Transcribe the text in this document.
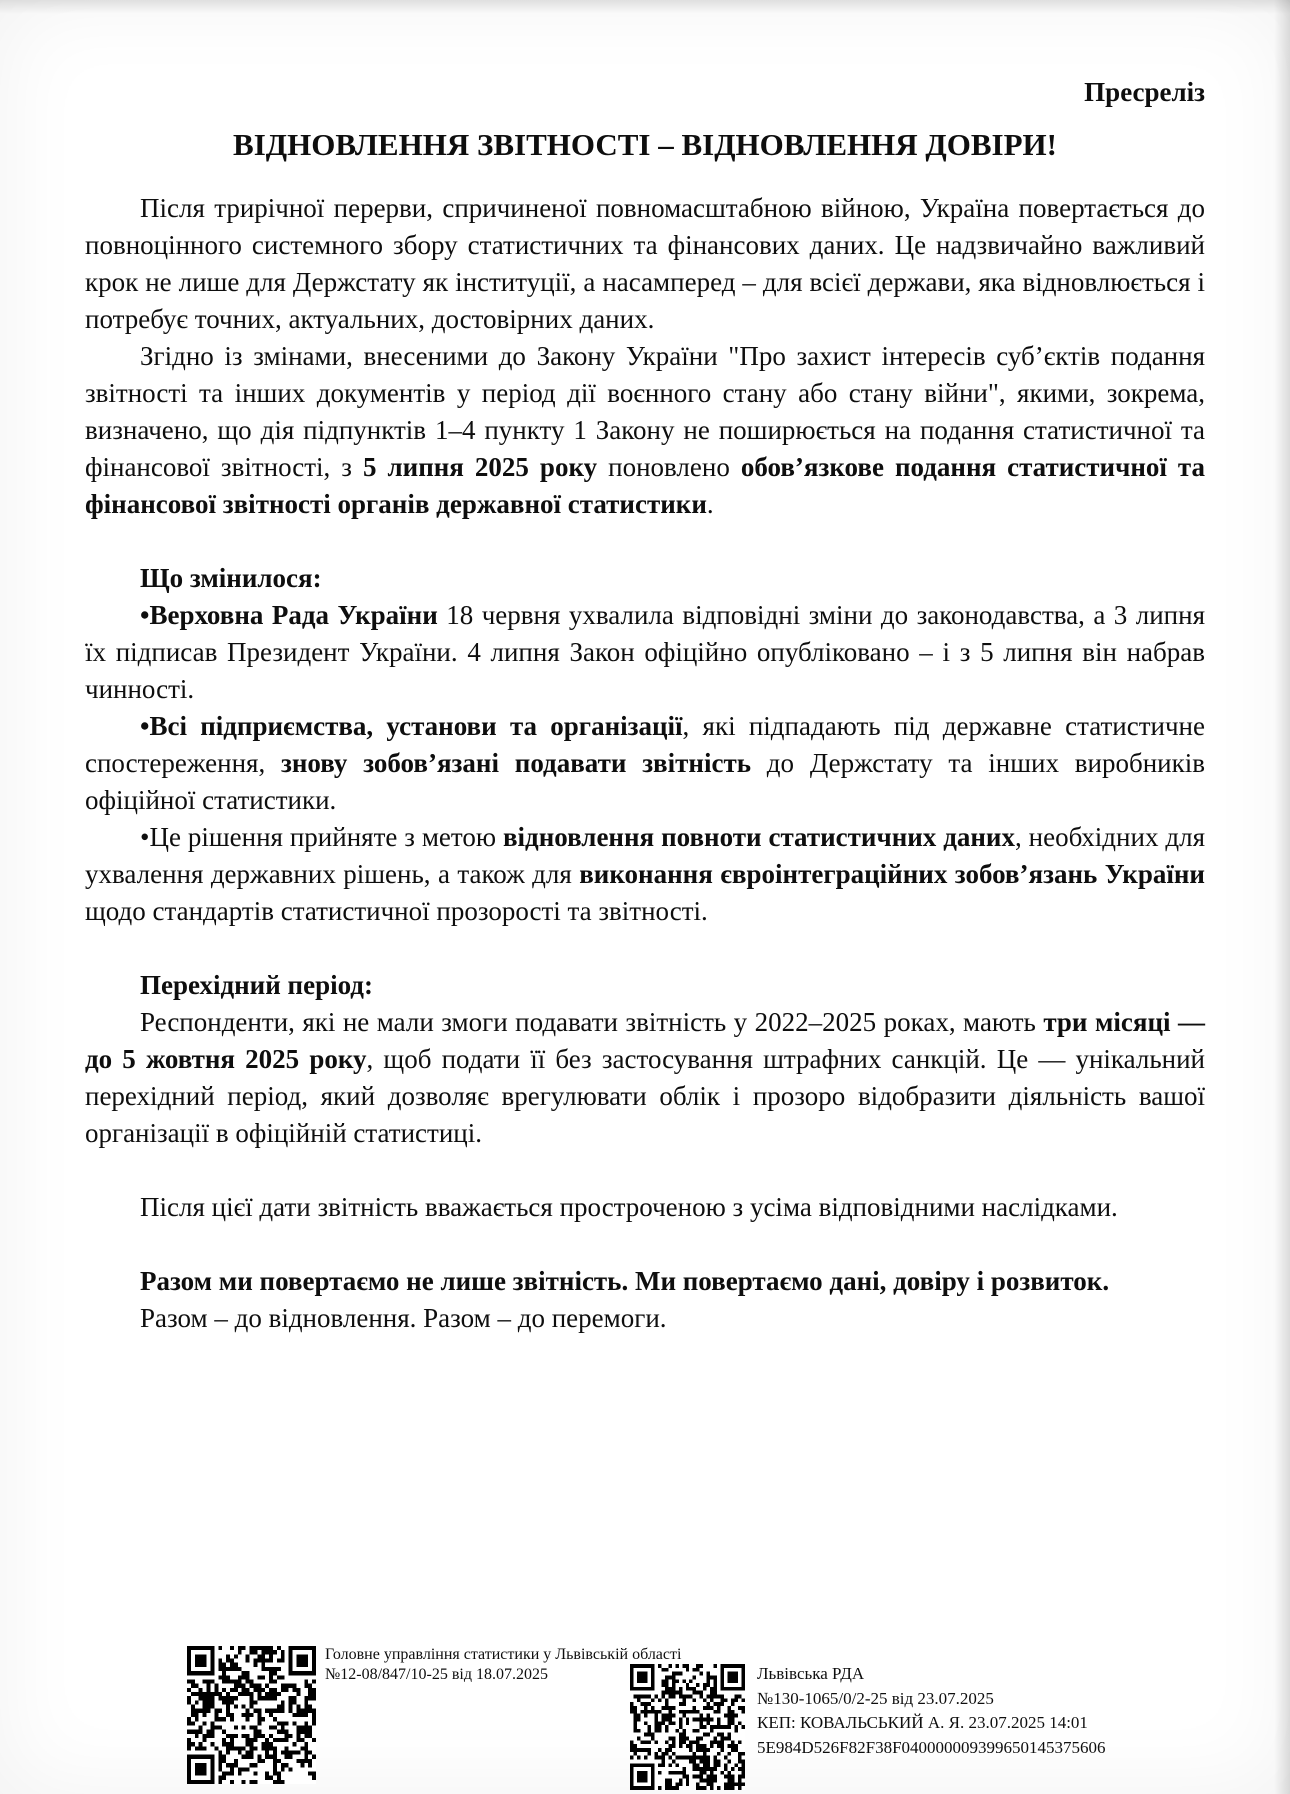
Пресреліз
ВІДНОВЛЕННЯ ЗВІТНОСТІ – ВІДНОВЛЕННЯ ДОВІРИ!

Після трирічної перерви, спричиненої повномасштабною війною, Україна повертається до повноцінного системного збору статистичних та фінансових даних. Це надзвичайно важливий крок не лише для Держстату як інституції, а насамперед – для всієї держави, яка відновлюється і потребує точних, актуальних, достовірних даних.

Згідно із змінами, внесеними до Закону України "Про захист інтересів суб’єктів подання звітності та інших документів у період дії воєнного стану або стану війни", якими, зокрема, визначено, що дія підпунктів 1–4 пункту 1 Закону не поширюється на подання статистичної та фінансової звітності, з 5 липня 2025 року поновлено обов’язкове подання статистичної та фінансової звітності органів державної статистики.

Що змінилося:

•Верховна Рада України 18 червня ухвалила відповідні зміни до законодавства, а 3 липня їх підписав Президент України. 4 липня Закон офіційно опубліковано – і з 5 липня він набрав чинності.

•Всі підприємства, установи та організації, які підпадають під державне статистичне спостереження, знову зобов’язані подавати звітність до Держстату та інших виробників офіційної статистики.

•Це рішення прийняте з метою відновлення повноти статистичних даних, необхідних для ухвалення державних рішень, а також для виконання євроінтеграційних зобов’язань України щодо стандартів статистичної прозорості та звітності.

Перехідний період:

Респонденти, які не мали змоги подавати звітність у 2022–2025 роках, мають три місяці — до 5 жовтня 2025 року, щоб подати її без застосування штрафних санкцій. Це — унікальний перехідний період, який дозволяє врегулювати облік і прозоро відобразити діяльність вашої організації в офіційній статистиці.

Після цієї дати звітність вважається простроченою з усіма відповідними наслідками.

Разом ми повертаємо не лише звітність. Ми повертаємо дані, довіру і розвиток.

Разом – до відновлення. Разом – до перемоги.

Головне управління статистики у Львівській області
№12-08/847/10-25 від 18.07.2025	Львівська РДА
№130-1065/0/2-25 від 23.07.2025
КЕП: КОВАЛЬСЬКИЙ А. Я. 23.07.2025 14:01
5E984D526F82F38F040000009399650145375606
